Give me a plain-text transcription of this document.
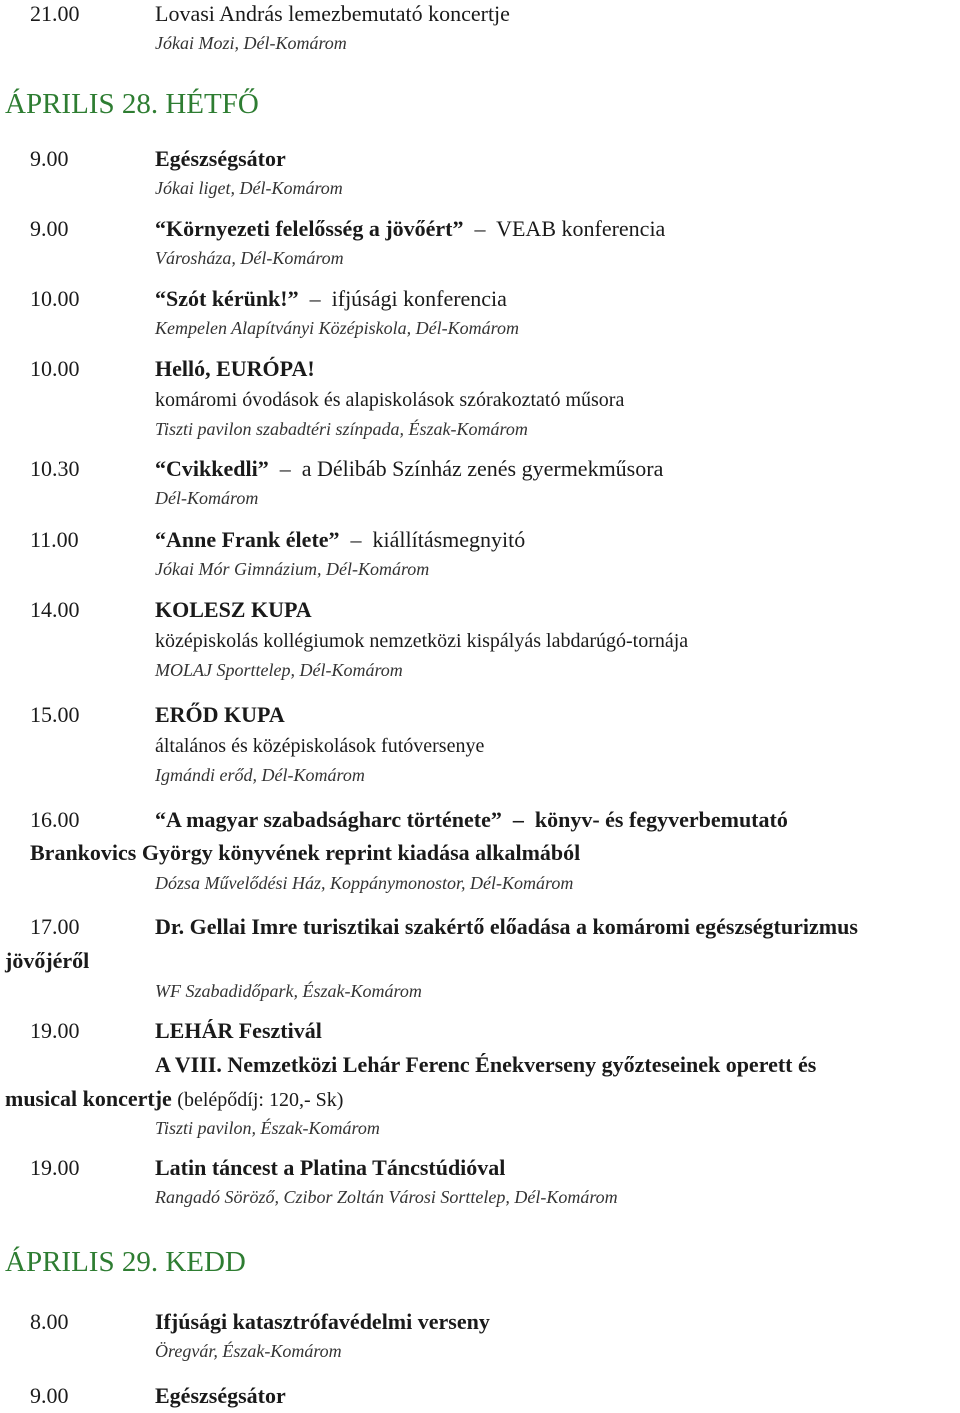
21.00	Lovasi András lemezbemutató koncertje
Jókai Mozi, Dél-Komárom
ÁPRILIS 28. HÉTFŐ
9.00	Egészségsátor
Jókai liget, Dél-Komárom
9.00	“Környezeti felelősség a jövőért”  –  VEAB konferencia
Városháza, Dél-Komárom
10.00	“Szót kérünk!”  –  ifjúsági konferencia
Kempelen Alapítványi Középiskola, Dél-Komárom
10.00	Helló, EURÓPA!
komáromi óvodások és alapiskolások szórakoztató műsora
Tiszti pavilon szabadtéri színpada, Észak-Komárom
10.30	“Cvikkedli”  –  a Délibáb Színház zenés gyermekműsora
Dél-Komárom
11.00	“Anne Frank élete”  –  kiállításmegnyitó
Jókai Mór Gimnázium, Dél-Komárom
14.00	KOLESZ KUPA
középiskolás kollégiumok nemzetközi kispályás labdarúgó-tornája
MOLAJ Sporttelep, Dél-Komárom
15.00	ERŐD KUPA
általános és középiskolások futóversenye
Igmándi erőd, Dél-Komárom
16.00	“A magyar szabadságharc története”  –  könyv- és fegyverbemutató
Brankovics György könyvének reprint kiadása alkalmából
Dózsa Művelődési Ház, Koppánymonostor, Dél-Komárom
17.00	Dr. Gellai Imre turisztikai szakértő előadása a komáromi egészségturizmus
jövőjéről
WF Szabadidőpark, Észak-Komárom
19.00	LEHÁR Fesztivál
A VIII. Nemzetközi Lehár Ferenc Énekverseny győzteseinek operett és
musical koncertje (belépődíj: 120,- Sk)
Tiszti pavilon, Észak-Komárom
19.00	Latin táncest a Platina Táncstúdióval
Rangadó Söröző, Czibor Zoltán Városi Sorttelep, Dél-Komárom
ÁPRILIS 29. KEDD
8.00	Ifjúsági katasztrófavédelmi verseny
Öregvár, Észak-Komárom
9.00	Egészségsátor
